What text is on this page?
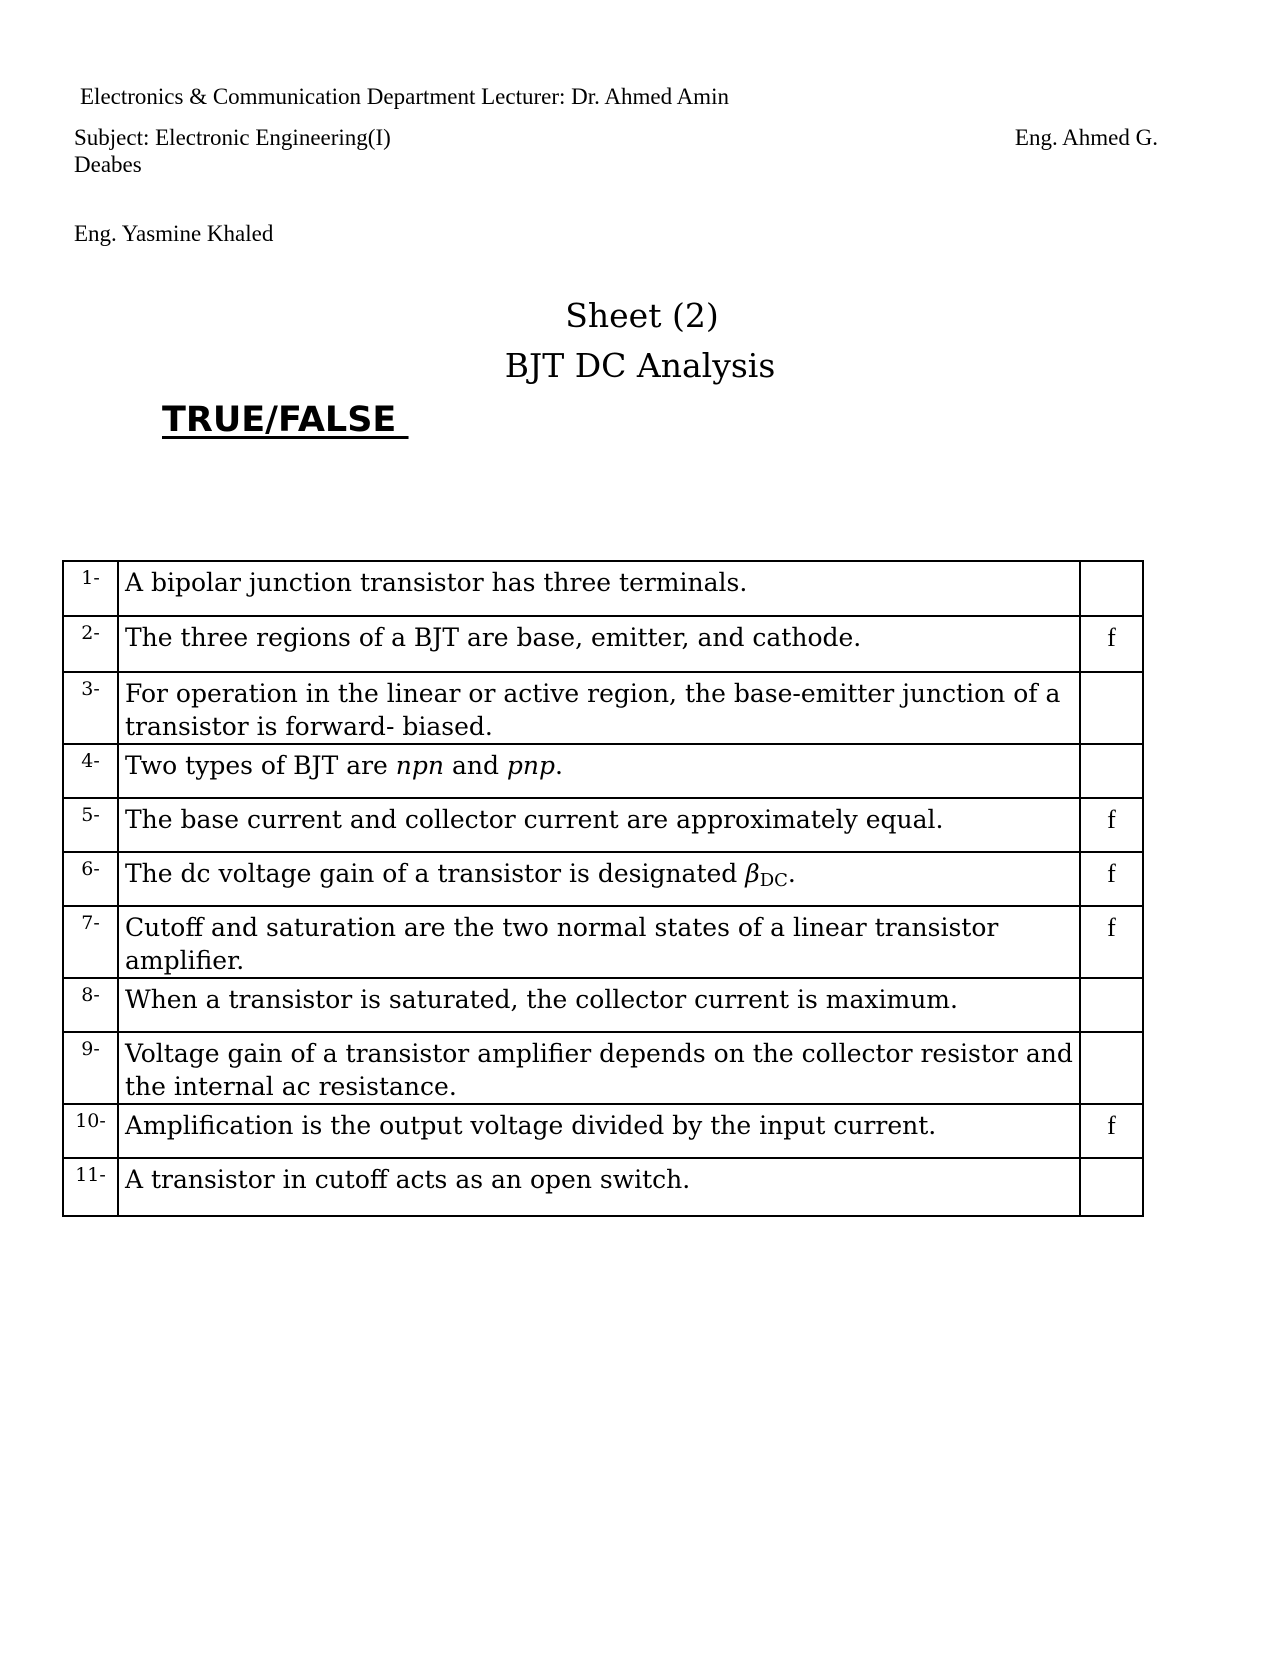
Electronics & Communication Department Lecturer: Dr. Ahmed Amin
Subject: Electronic Engineering(I)	Eng. Ahmed G.
Deabes
Eng. Yasmine Khaled
Sheet (2)
BJT DC Analysis
TRUE/FALSE
1-	A bipolar junction transistor has three terminals.	
2-	The three regions of a BJT are base, emitter, and cathode.	f
3-	For operation in the linear or active region, the base-emitter junction of a transistor is forward- biased.	
4-	Two types of BJT are npn and pnp.	
5-	The base current and collector current are approximately equal.	f
6-	The dc voltage gain of a transistor is designated $\beta_{DC}$.	f
7-	Cutoff and saturation are the two normal states of a linear transistor amplifier.	f
8-	When a transistor is saturated, the collector current is maximum.	
9-	Voltage gain of a transistor amplifier depends on the collector resistor and the internal ac resistance.	
10-	Amplification is the output voltage divided by the input current.	f
11-	A transistor in cutoff acts as an open switch.	
